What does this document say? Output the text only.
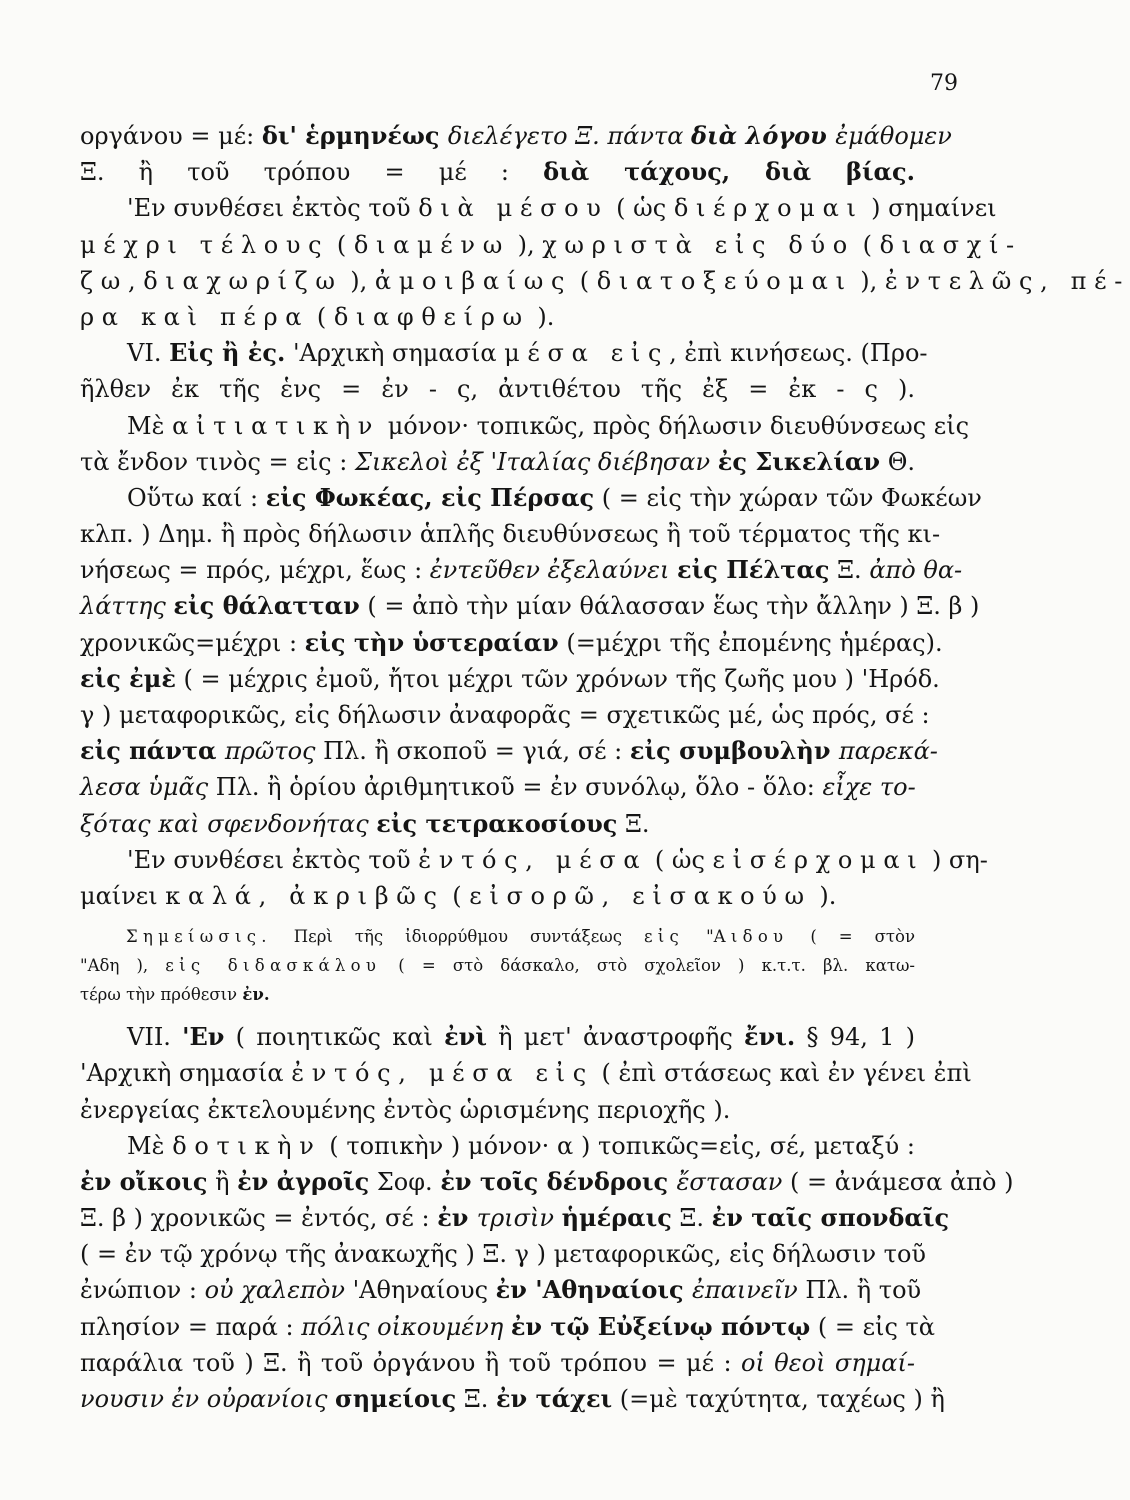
79
οργάνου = μέ: δι' ἑρμηνέως διελέγετο Ξ. πάντα διὰ λόγου ἐμάθομεν
Ξ. ἢ τοῦ τρόπου = μέ : διὰ τάχους, διὰ βίας.
'Εν συνθέσει ἐκτὸς τοῦ διὰ μέσου ( ὡς διέρχομαι ) σημαίνει
μέχρι τέλους ( διαμένω ), χωριστὰ εἰς δύο ( διασχί-
ζω, διαχωρίζω ), ἀμοιβαίως ( διατοξεύομαι ), ἐντελῶς, πέ-
ρα καὶ πέρα ( διαφθείρω ).
VI. Εἰς ἢ ἐς. 'Αρχικὴ σημασία μέσα εἰς, ἐπὶ κινήσεως. (Προ-
ῆλθεν ἐκ τῆς ἑνς = ἐν - ς, ἀντιθέτου τῆς ἐξ = ἐκ - ς ).
Μὲ αἰτιατικὴν μόνον· τοπικῶς, πρὸς δήλωσιν διευθύνσεως εἰς
τὰ ἔνδον τινὸς = εἰς : Σικελοὶ ἐξ 'Ιταλίας διέβησαν ἐς Σικελίαν Θ.
Οὕτω καί : εἰς Φωκέας, εἰς Πέρσας ( = εἰς τὴν χώραν τῶν Φωκέων
κλπ. ) Δημ. ἢ πρὸς δήλωσιν ἁπλῆς διευθύνσεως ἢ τοῦ τέρματος τῆς κι-
νήσεως = πρός, μέχρι, ἕως : ἐντεῦθεν ἐξελαύνει εἰς Πέλτας Ξ. ἀπὸ θα-
λάττης εἰς θάλατταν ( = ἀπὸ τὴν μίαν θάλασσαν ἕως τὴν ἄλλην ) Ξ. β )
χρονικῶς=μέχρι : εἰς τὴν ὑστεραίαν (=μέχρι τῆς ἐπομένης ἡμέρας).
εἰς ἐμὲ ( = μέχρις ἐμοῦ, ἤτοι μέχρι τῶν χρόνων τῆς ζωῆς μου ) 'Ηρόδ.
γ ) μεταφορικῶς, εἰς δήλωσιν ἀναφορᾶς = σχετικῶς μέ, ὡς πρός, σέ :
εἰς πάντα πρῶτος Πλ. ἢ σκοποῦ = γιά, σέ : εἰς συμβουλὴν παρεκά-
λεσα ὑμᾶς Πλ. ἢ ὁρίου ἀριθμητικοῦ = ἐν συνόλῳ, ὅλο - ὅλο: εἶχε το-
ξότας καὶ σφενδονήτας εἰς τετρακοσίους Ξ.
'Εν συνθέσει ἐκτὸς τοῦ ἐντός, μέσα ( ὡς εἰσέρχομαι ) ση-
μαίνει καλά, ἀκριβῶς ( εἰσορῶ, εἰσακούω ).
Σημείωσις. Περὶ τῆς ἰδιορρύθμου συντάξεως εἰς "Αιδου ( = στὸν
"Αδη ), εἰς διδασκάλου ( = στὸ δάσκαλο, στὸ σχολεῖον ) κ.τ.τ. βλ. κατω-
τέρω τὴν πρόθεσιν ἐν.
VII. 'Εν ( ποιητικῶς καὶ ἐνὶ ἢ μετ' ἀναστροφῆς ἔνι. § 94, 1 )
'Αρχικὴ σημασία ἐντός, μέσα εἰς ( ἐπὶ στάσεως καὶ ἐν γένει ἐπὶ
ἐνεργείας ἐκτελουμένης ἐντὸς ὡρισμένης περιοχῆς ).
Μὲ δοτικὴν ( τοπικὴν ) μόνον· α ) τοπικῶς=εἰς, σέ, μεταξύ :
ἐν οἴκοις ἢ ἐν ἀγροῖς Σοφ. ἐν τοῖς δένδροις ἔστασαν ( = ἀνάμεσα ἀπὸ )
Ξ. β ) χρονικῶς = ἐντός, σέ : ἐν τρισὶν ἡμέραις Ξ. ἐν ταῖς σπονδαῖς
( = ἐν τῷ χρόνῳ τῆς ἀνακωχῆς ) Ξ. γ ) μεταφορικῶς, εἰς δήλωσιν τοῦ
ἐνώπιον : οὐ χαλεπὸν 'Αθηναίους ἐν 'Αθηναίοις ἐπαινεῖν Πλ. ἢ τοῦ
πλησίον = παρά : πόλις οἰκουμένη ἐν τῷ Εὐξείνῳ πόντῳ ( = εἰς τὰ
παράλια τοῦ ) Ξ. ἢ τοῦ ὀργάνου ἢ τοῦ τρόπου = μέ : οἱ θεοὶ σημαί-
νουσιν ἐν οὐρανίοις σημείοις Ξ. ἐν τάχει (=μὲ ταχύτητα, ταχέως ) ἢ
